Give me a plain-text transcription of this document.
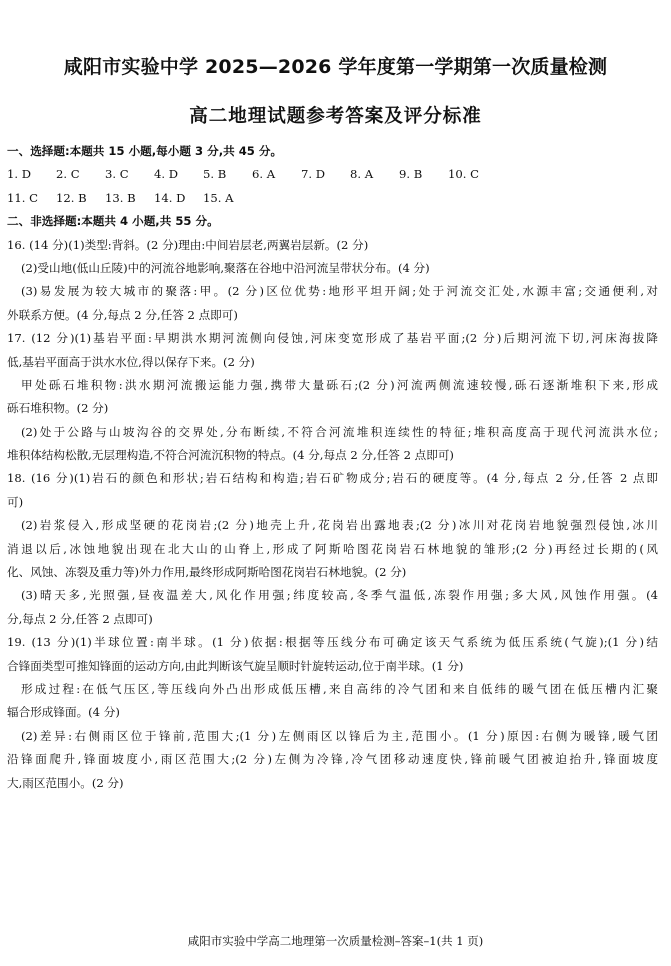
咸阳市实验中学 2025—2026 学年度第一学期第一次质量检测
高二地理试题参考答案及评分标准
一、选择题:本题共 15 小题,每小题 3 分,共 45 分。
1. D 2. C 3. C 4. D 5. B 6. A 7. D 8. A 9. B 10. C
11. C 12. B 13. B 14. D 15. A
二、非选择题:本题共 4 小题,共 55 分。
16. (14 分)(1)类型:背斜。(2 分)理由:中间岩层老,两翼岩层新。(2 分)
(2)受山地(低山丘陵)中的河流谷地影响,聚落在谷地中沿河流呈带状分布。(4 分)
(3)易发展为较大城市的聚落:甲。(2 分)区位优势:地形平坦开阔;处于河流交汇处,水源丰富;交通便利,对
外联系方便。(4 分,每点 2 分,任答 2 点即可)
17. (12 分)(1)基岩平面:早期洪水期河流侧向侵蚀,河床变宽形成了基岩平面;(2 分)后期河流下切,河床海拔降
低,基岩平面高于洪水水位,得以保存下来。(2 分)
甲处砾石堆积物:洪水期河流搬运能力强,携带大量砾石;(2 分)河流两侧流速较慢,砾石逐渐堆积下来,形成
砾石堆积物。(2 分)
(2)处于公路与山坡沟谷的交界处,分布断续,不符合河流堆积连续性的特征;堆积高度高于现代河流洪水位;
堆积体结构松散,无层理构造,不符合河流沉积物的特点。(4 分,每点 2 分,任答 2 点即可)
18. (16 分)(1)岩石的颜色和形状;岩石结构和构造;岩石矿物成分;岩石的硬度等。(4 分,每点 2 分,任答 2 点即
可)
(2)岩浆侵入,形成坚硬的花岗岩;(2 分)地壳上升,花岗岩出露地表;(2 分)冰川对花岗岩地貌强烈侵蚀,冰川
消退以后,冰蚀地貌出现在北大山的山脊上,形成了阿斯哈图花岗岩石林地貌的雏形;(2 分)再经过长期的(风
化、风蚀、冻裂及重力等)外力作用,最终形成阿斯哈图花岗岩石林地貌。(2 分)
(3)晴天多,光照强,昼夜温差大,风化作用强;纬度较高,冬季气温低,冻裂作用强;多大风,风蚀作用强。(4
分,每点 2 分,任答 2 点即可)
19. (13 分)(1)半球位置:南半球。(1 分)依据:根据等压线分布可确定该天气系统为低压系统(气旋);(1 分)结
合锋面类型可推知锋面的运动方向,由此判断该气旋呈顺时针旋转运动,位于南半球。(1 分)
形成过程:在低气压区,等压线向外凸出形成低压槽,来自高纬的冷气团和来自低纬的暖气团在低压槽内汇聚
辐合形成锋面。(4 分)
(2)差异:右侧雨区位于锋前,范围大;(1 分)左侧雨区以锋后为主,范围小。(1 分)原因:右侧为暖锋,暖气团
沿锋面爬升,锋面坡度小,雨区范围大;(2 分)左侧为冷锋,冷气团移动速度快,锋前暖气团被迫抬升,锋面坡度
大,雨区范围小。(2 分)
咸阳市实验中学高二地理第一次质量检测–答案–1(共 1 页)
